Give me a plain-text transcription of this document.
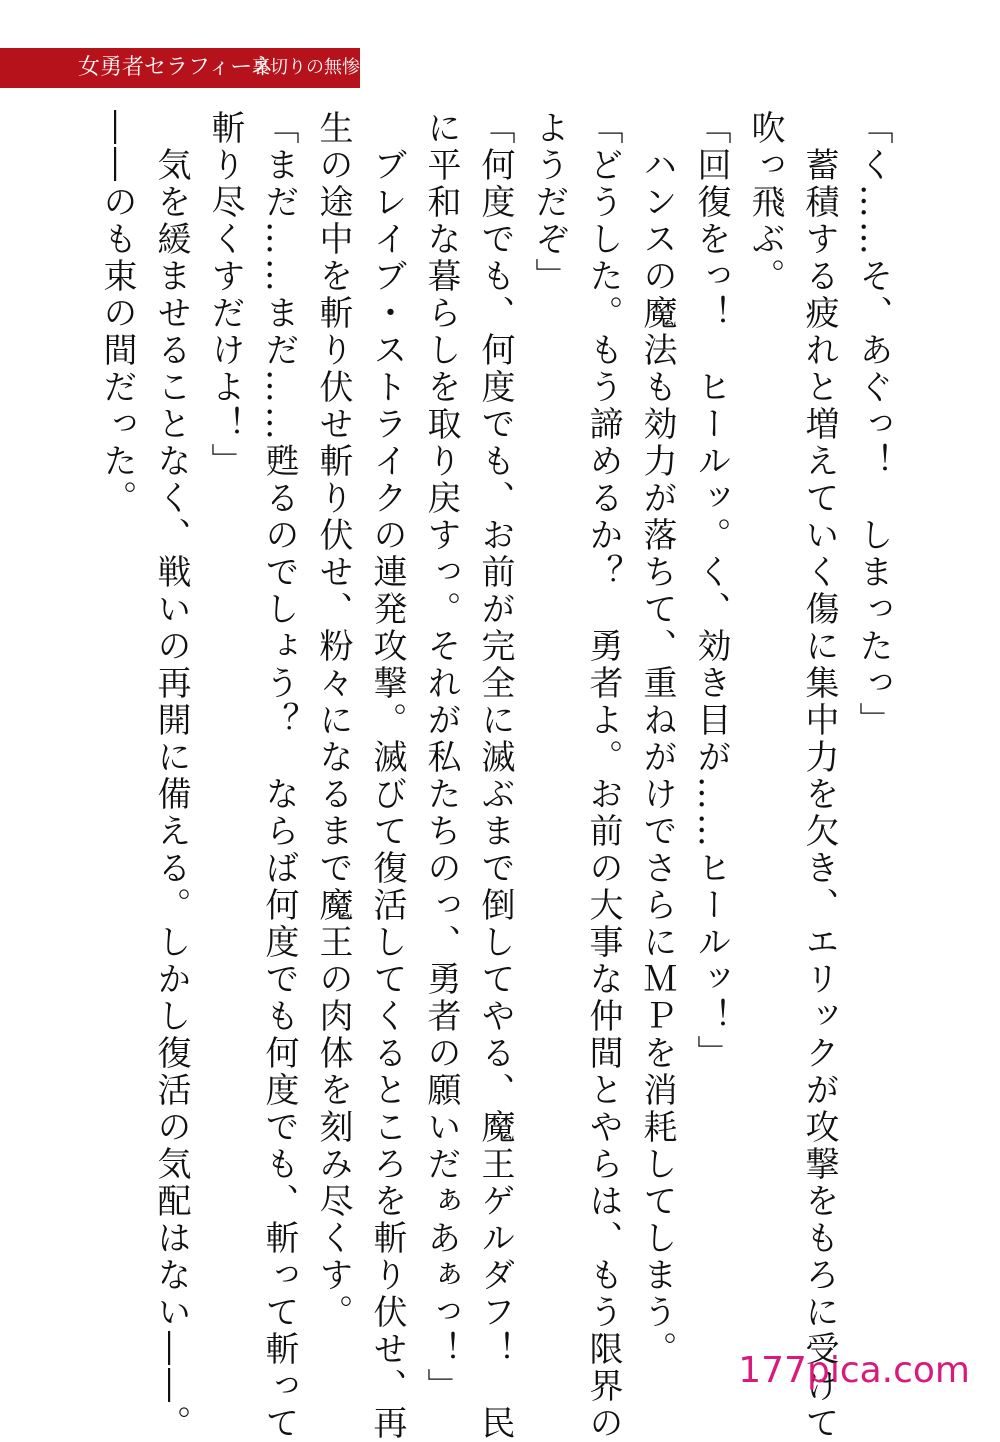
女勇者セラフィーネ
裏切りの無惨劇
「く……そ、あぐっ！　しまったっ」
　蓄積する疲れと増えていく傷に集中力を欠き、エリックが攻撃をもろに受けて
吹っ飛ぶ。
「回復をっ！　ヒールッ。く、効き目が……ヒールッ！」
　ハンスの魔法も効力が落ちて、重ねがけでさらにＭＰを消耗してしまう。
「どうした。もう諦めるか？　勇者よ。お前の大事な仲間とやらは、もう限界の
ようだぞ」
「何度でも、何度でも、お前が完全に滅ぶまで倒してやる、魔王ゲルダフ！　民
に平和な暮らしを取り戻すっ。それが私たちのっ、勇者の願いだぁあぁっ！」
　ブレイブ・ストライクの連発攻撃。滅びて復活してくるところを斬り伏せ、再
生の途中を斬り伏せ斬り伏せ、粉々になるまで魔王の肉体を刻み尽くす。
「まだ……まだ……甦るのでしょう？　ならば何度でも何度でも、斬って斬って
斬り尽くすだけよ！」
　気を緩ませることなく、戦いの再開に備える。しかし復活の気配はない――。
――のも束の間だった。
177pica.com
